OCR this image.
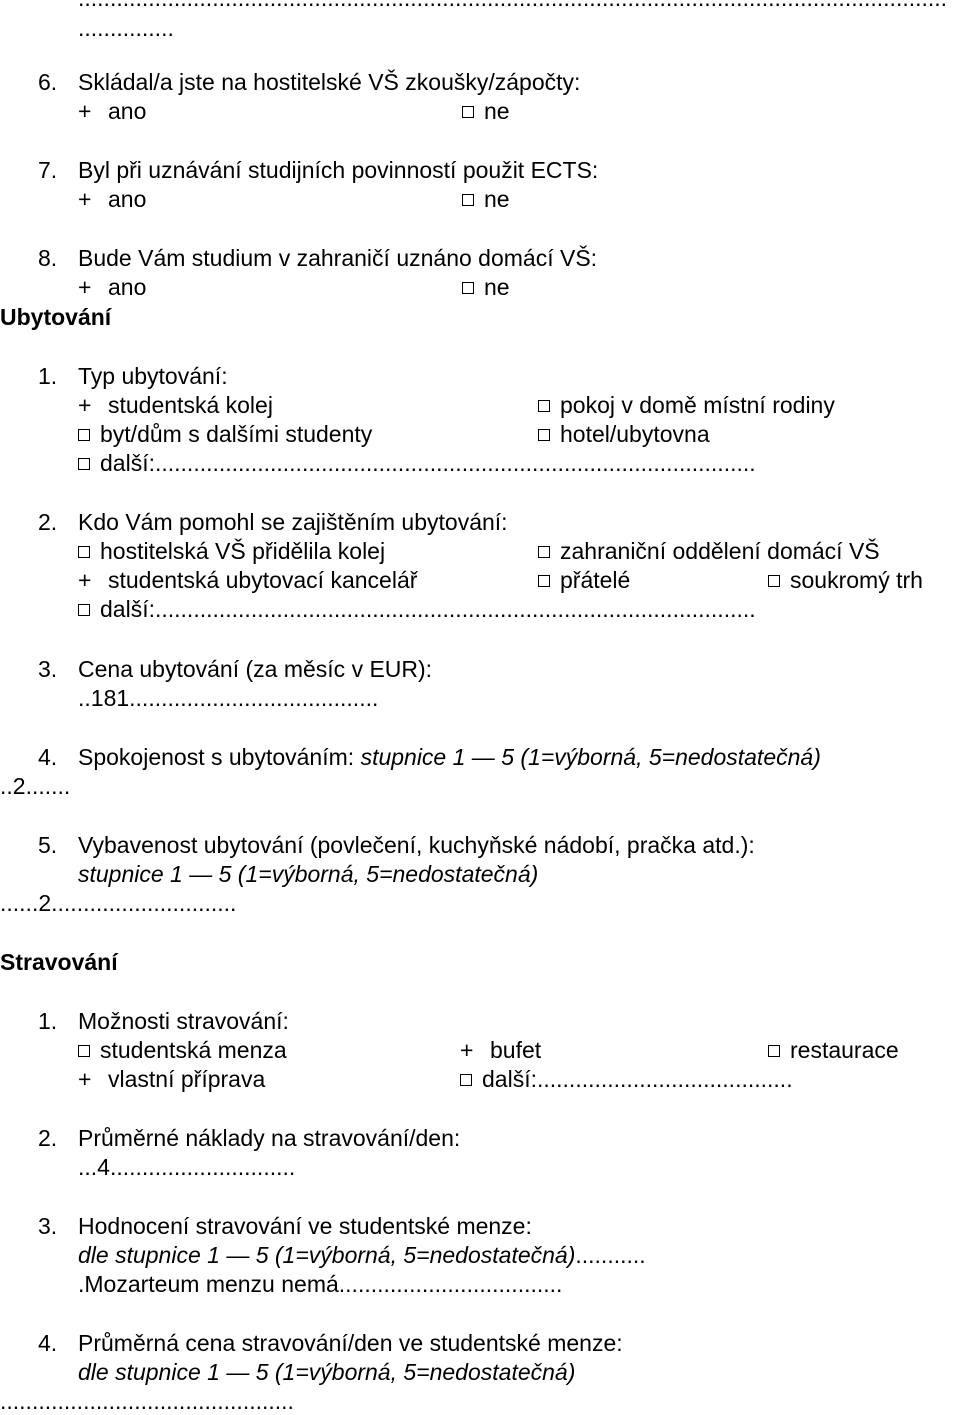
...............
6. Skládal/a jste na hostitelské VŠ zkoušky/zápočty:
+ ano	ne
7. Byl při uznávání studijních povinností použit ECTS:
+ ano	ne
8. Bude Vám studium v zahraničí uznáno domácí VŠ:
+ ano	ne
Ubytování
1. Typ ubytování:
+ studentská kolej	pokoj v domě místní rodiny
byt/dům s dalšími studenty	hotel/ubytovna
další:..............................................................................................
2. Kdo Vám pomohl se zajištěním ubytování:
hostitelská VŠ přidělila kolej	zahraniční oddělení domácí VŠ
+ studentská ubytovací kancelář	přátelé	soukromý trh
další:..............................................................................................
3. Cena ubytování (za měsíc v EUR):
..181.......................................
4. Spokojenost s ubytováním: stupnice 1 — 5 (1=výborná, 5=nedostatečná)
..2.......
5. Vybavenost ubytování (povlečení, kuchyňské nádobí, pračka atd.):
stupnice 1 — 5 (1=výborná, 5=nedostatečná)
......2.............................
Stravování
1. Možnosti stravování:
studentská menza	+ bufet	restaurace
+ vlastní příprava	další:........................................
2. Průměrné náklady na stravování/den:
...4.............................
3. Hodnocení stravování ve studentské menze:
dle stupnice 1 — 5 (1=výborná, 5=nedostatečná)...........
.Mozarteum menzu nemá...................................
4. Průměrná cena stravování/den ve studentské menze:
dle stupnice 1 — 5 (1=výborná, 5=nedostatečná)
..............................................
